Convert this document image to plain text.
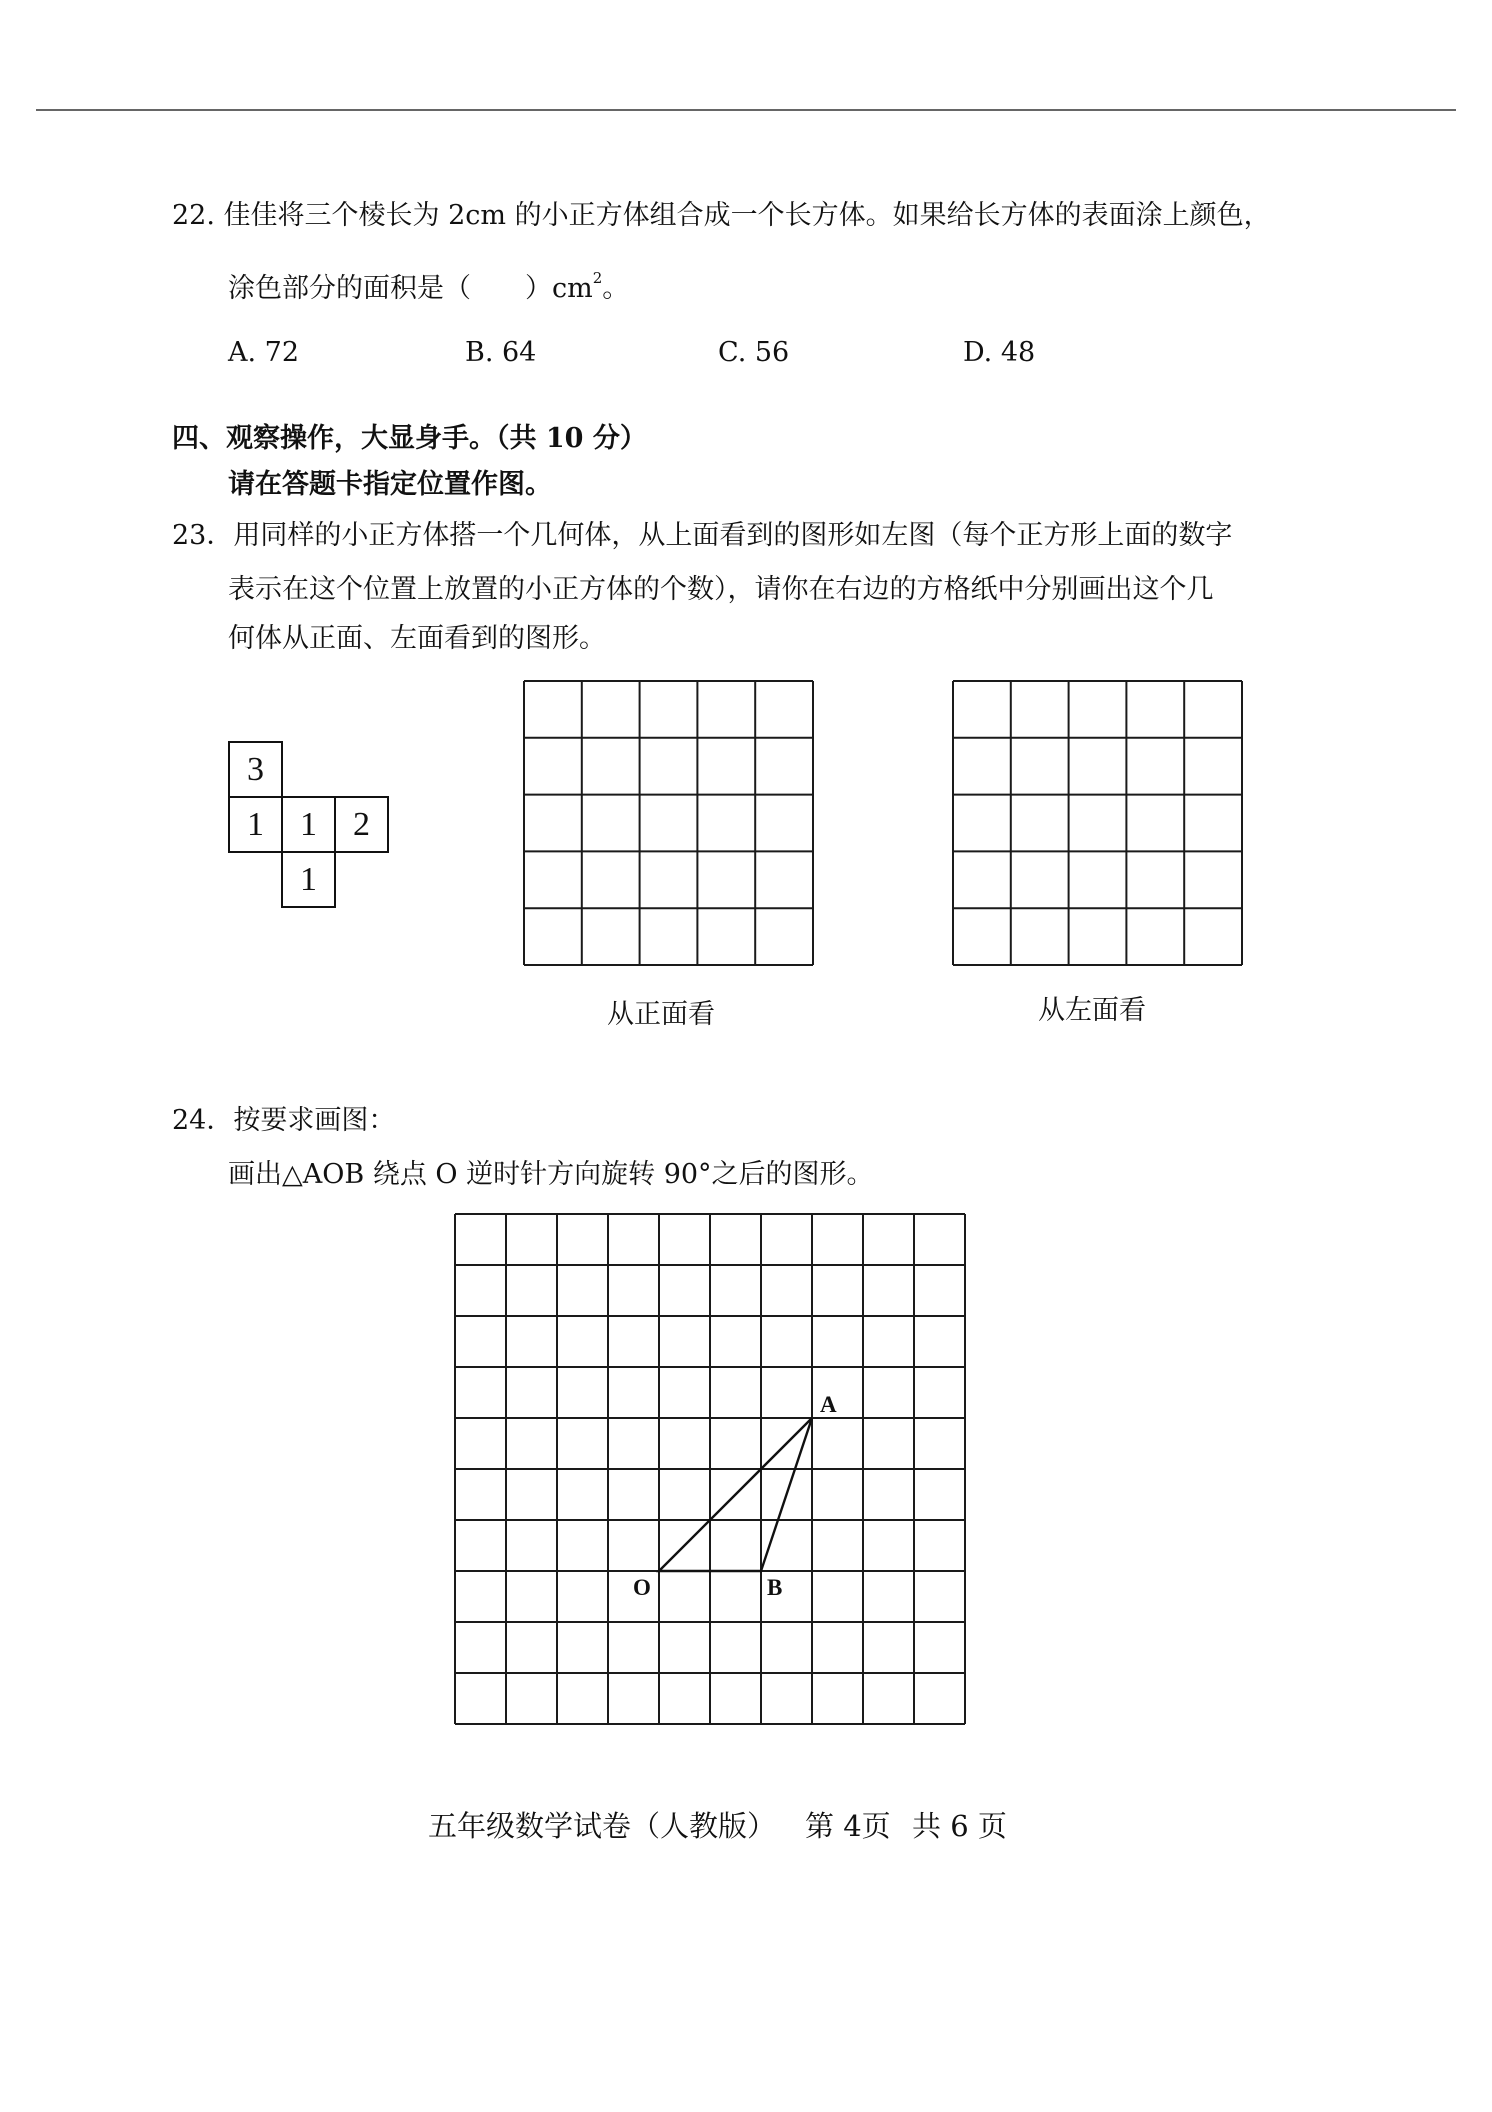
22. 佳佳将三个棱长为 2cm 的小正方体组合成一个长方体。如果给长方体的表面涂上颜色，
涂色部分的面积是（　　）$cm^2$。
A. 72	B. 64	C. 56	D. 48
四、观察操作，大显身手。（共 10 分）
请在答题卡指定位置作图。
23．用同样的小正方体搭一个几何体，从上面看到的图形如左图（每个正方形上面的数字
表示在这个位置上放置的小正方体的个数），请你在右边的方格纸中分别画出这个几
何体从正面、左面看到的图形。
3
1	1	2
1
从正面看	从左面看
24．按要求画图：
画出△AOB 绕点 O 逆时针方向旋转 90°之后的图形。
O
A
B
五年级数学试卷（人教版） 第 4页 共 6 页
